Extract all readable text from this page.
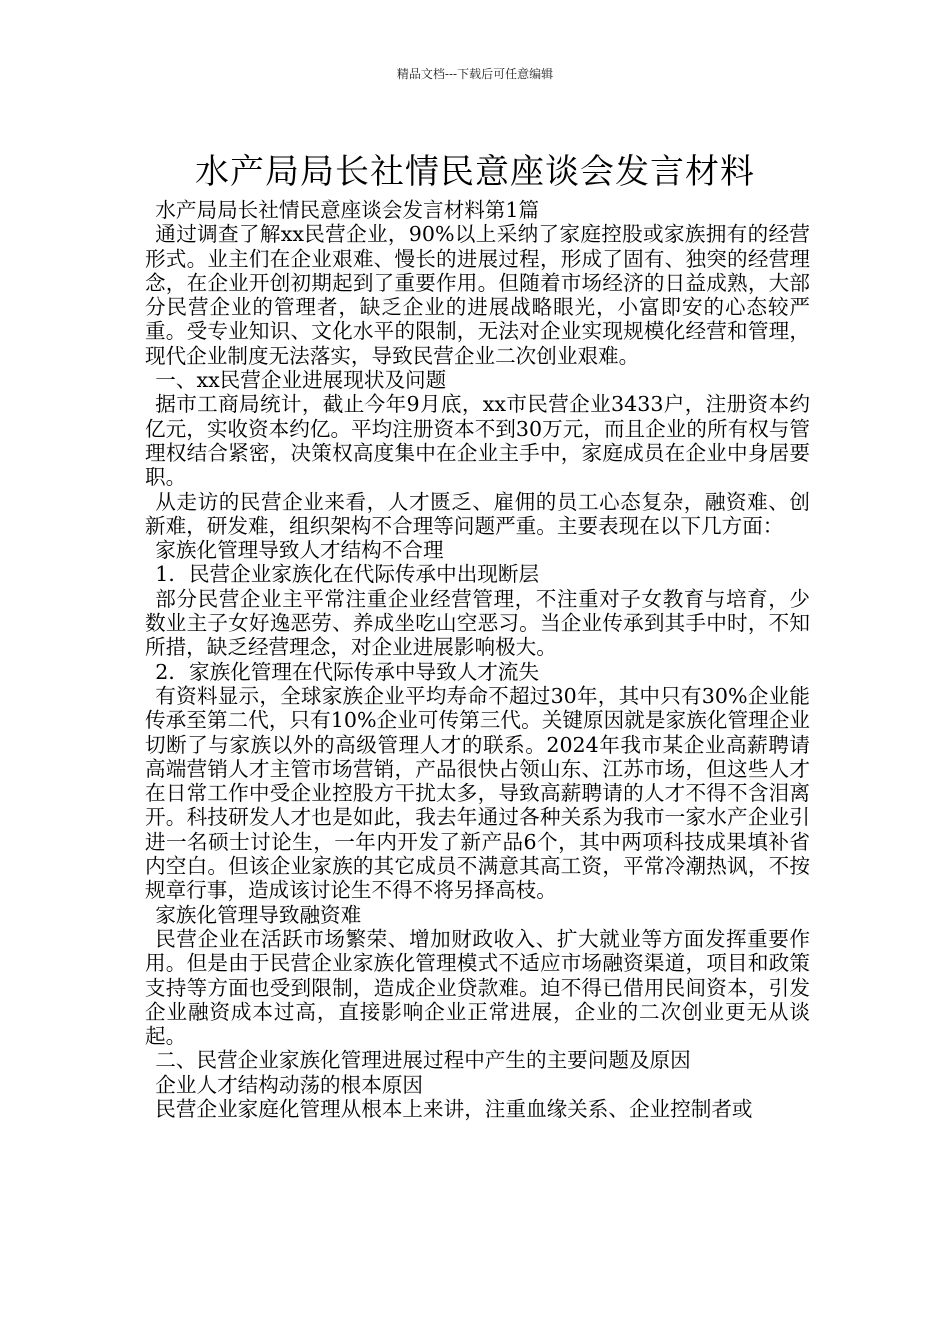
精品文档---下载后可任意编辑
水产局局长社情民意座谈会发言材料

水产局局长社情民意座谈会发言材料第1篇

通过调查了解xx民营企业，90%以上采纳了家庭控股或家族拥有的经营形式。业主们在企业艰难、慢长的进展过程，形成了固有、独突的经营理念，在企业开创初期起到了重要作用。但随着市场经济的日益成熟，大部分民营企业的管理者，缺乏企业的进展战略眼光，小富即安的心态较严重。受专业知识、文化水平的限制，无法对企业实现规模化经营和管理，现代企业制度无法落实，导致民营企业二次创业艰难。

一、xx民营企业进展现状及问题

据市工商局统计，截止今年9月底，xx市民营企业3433户，注册资本约亿元，实收资本约亿。平均注册资本不到30万元，而且企业的所有权与管理权结合紧密，决策权高度集中在企业主手中，家庭成员在企业中身居要职。

从走访的民营企业来看，人才匮乏、雇佣的员工心态复杂，融资难、创新难，研发难，组织架构不合理等问题严重。主要表现在以下几方面：

家族化管理导致人才结构不合理

1．民营企业家族化在代际传承中出现断层

部分民营企业主平常注重企业经营管理，不注重对子女教育与培育，少数业主子女好逸恶劳、养成坐吃山空恶习。当企业传承到其手中时，不知所措，缺乏经营理念，对企业进展影响极大。

2．家族化管理在代际传承中导致人才流失

有资料显示，全球家族企业平均寿命不超过30年，其中只有30%企业能传承至第二代，只有10%企业可传第三代。关键原因就是家族化管理企业切断了与家族以外的高级管理人才的联系。2024年我市某企业高薪聘请高端营销人才主管市场营销，产品很快占领山东、江苏市场，但这些人才在日常工作中受企业控股方干扰太多，导致高薪聘请的人才不得不含泪离开。科技研发人才也是如此，我去年通过各种关系为我市一家水产企业引进一名硕士讨论生，一年内开发了新产品6个，其中两项科技成果填补省内空白。但该企业家族的其它成员不满意其高工资，平常冷潮热讽，不按规章行事，造成该讨论生不得不将另择高枝。

家族化管理导致融资难

民营企业在活跃市场繁荣、增加财政收入、扩大就业等方面发挥重要作用。但是由于民营企业家族化管理模式不适应市场融资渠道，项目和政策支持等方面也受到限制，造成企业贷款难。迫不得已借用民间资本，引发企业融资成本过高，直接影响企业正常进展，企业的二次创业更无从谈起。

二、民营企业家族化管理进展过程中产生的主要问题及原因

企业人才结构动荡的根本原因

民营企业家庭化管理从根本上来讲，注重血缘关系、企业控制者或
